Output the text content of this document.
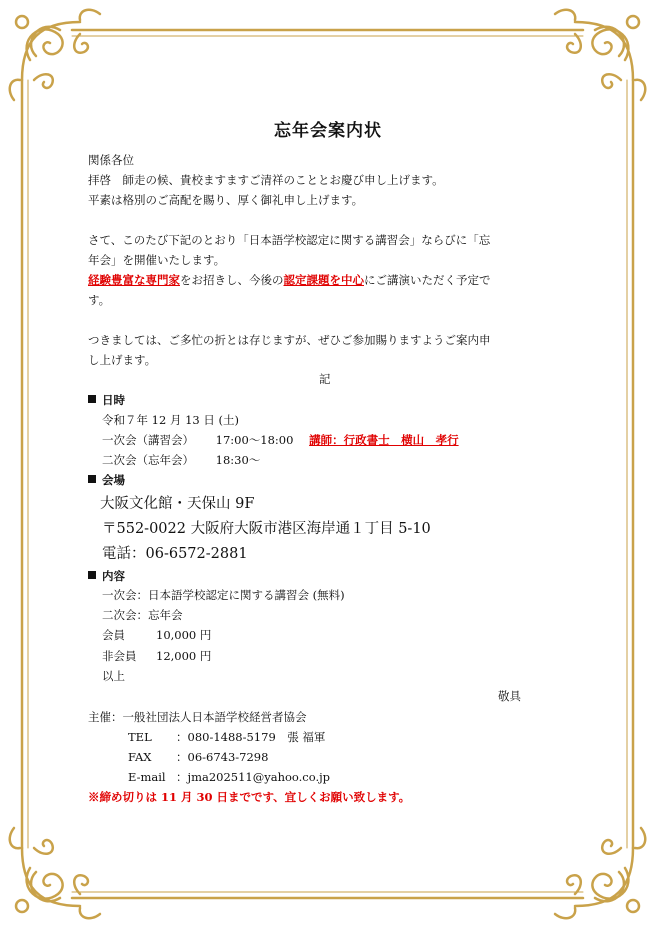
忘年会案内状
関係各位
拝啓　師走の候、貴校ますますご清祥のこととお慶び申し上げます。
平素は格別のご高配を賜り、厚く御礼申し上げます。
さて、このたび下記のとおり「日本語学校認定に関する講習会」ならびに「忘
年会」を開催いたします。
経験豊富な専門家をお招きし、今後の認定課題を中心にご講演いただく予定で
す。
つきましては、ご多忙の折とは存じますが、ぜひご参加賜りますようご案内申
し上げます。
記
日時
令和７年 12 月 13 日 (土)
一次会（講習会） 17:00～18:00 講師：行政書士　横山　孝行
二次会（忘年会） 18:30～
会場
大阪文化館・天保山 9F
〒552-0022 大阪府大阪市港区海岸通１丁目 5-10
電話：06-6572-2881
内容
一次会：日本語学校認定に関する講習会 (無料)
二次会：忘年会
会員	10,000 円
非会員 12,000 円
以上
敬具
主催：一般社団法人日本語学校経営者協会
TEL ：080-1488-5179　張 福軍
FAX ：06-6743-7298
E-mail ：jma202511@yahoo.co.jp
※締め切りは 11 月 30 日までです、宜しくお願い致します。
